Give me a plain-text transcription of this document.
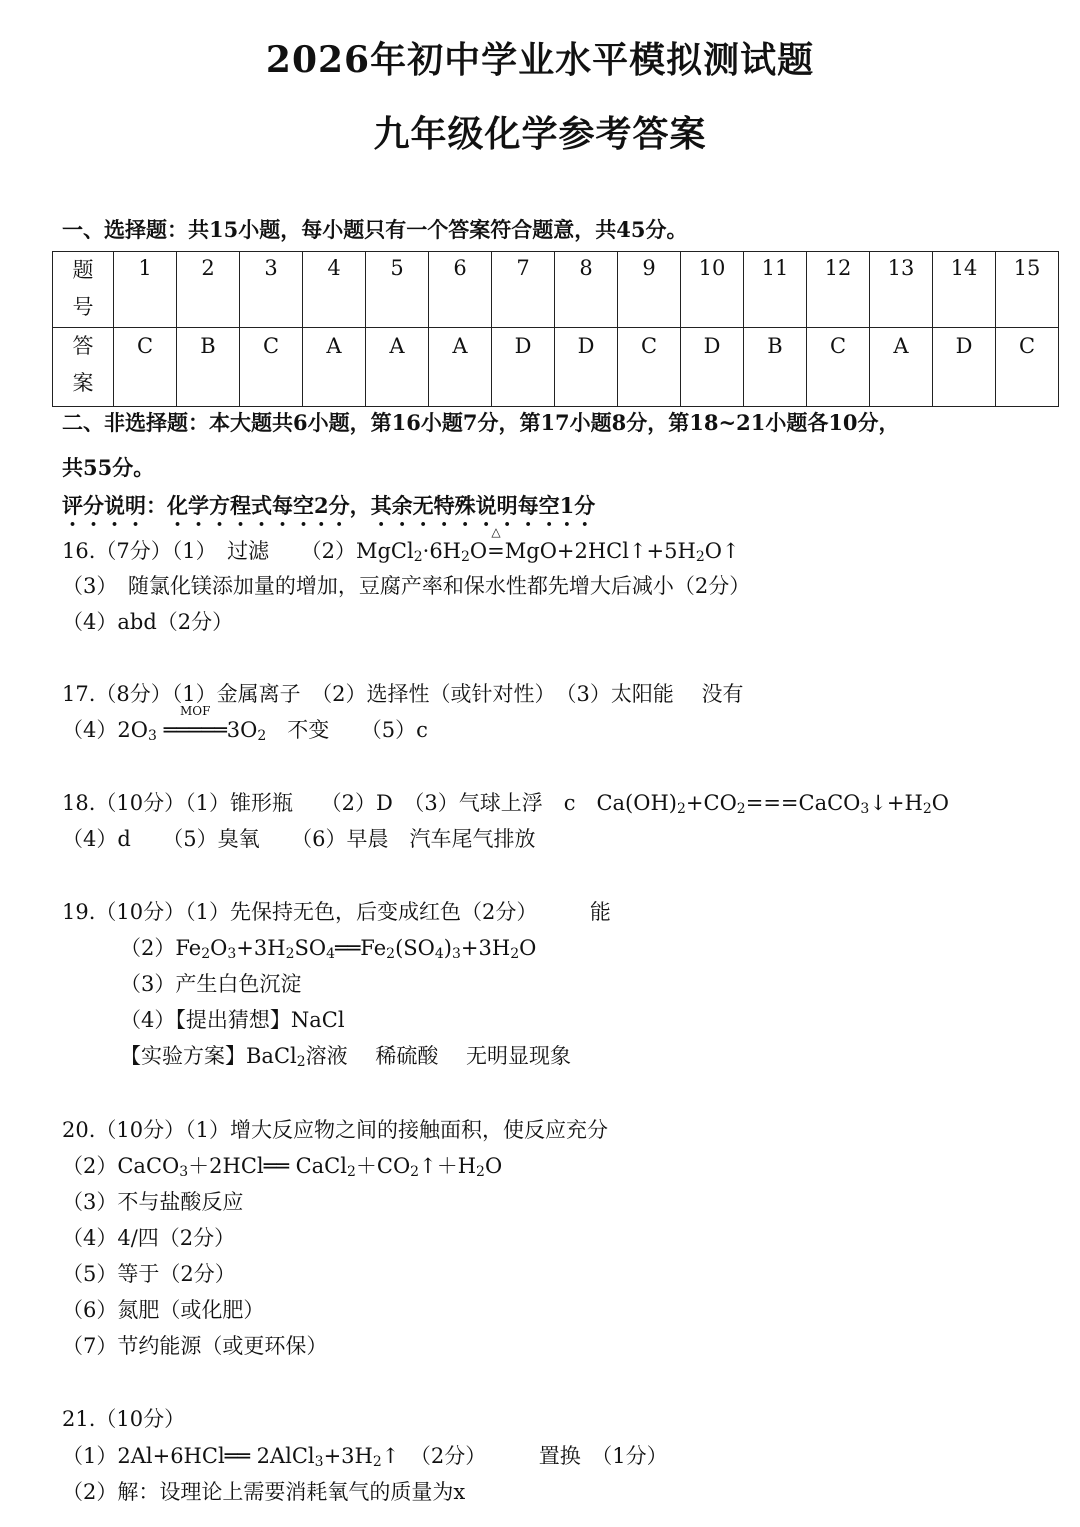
2026年初中学业水平模拟测试题
九年级化学参考答案
一、选择题：共15小题，每小题只有一个答案符合题意，共45分。
题
号	1	2	3	4	5	6	7	8	9	10	11	12	13	14	15
答
案	C	B	C	A	A	A	D	D	C	D	B	C	A	D	C
二、非选择题：本大题共6小题，第16小题7分，第17小题8分，第18~21小题各10分，
共55分。
评分说明：化学方程式每空2分，其余无特殊说明每空1分
16.（7分）（1）　过滤　　$(2)MgCl_2\cdot 6H_2O$
△
$=MgO+2HCl↑+5H_2O↑$
（3）　随氯化镁添加量的增加，豆腐产率和保水性都先增大后减小（2分）
（4）abd（2分）
17.（8分）（1）金属离子　（2）选择性（或针对性）　（3）太阳能　 没有
$(4)2O_3$
MOF
$═════3O_2$　不变　　（5）c
18.（10分）（1）锥形瓶　 （2）D　（3）气球上浮　c　$Ca(OH)_2+CO_2===CaCO_3↓+H_2O$
（4）d　　（5）臭氧　　（6）早晨　汽车尾气排放
19.（10分）（1）先保持无色，后变成红色（2分）　　　能
$(2)Fe_2O_3+3H_2SO_4══Fe_2(SO_4)_3+3H_2O$
（3）产生白色沉淀
（4）【提出猜想】NaCl
【实验方案】BaCl$_2$溶液　 稀硫酸　 无明显现象
20.（10分）（1）增大反应物之间的接触面积，使反应充分
（2）CaCO$_3$＋2HCl══ $CaCl_2+CO_2↑+H_2O$
（3）不与盐酸反应
（4）4/四（2分）
（5）等于（2分）
（6）氮肥（或化肥）
（7）节约能源（或更环保）
21.（10分）
（1）2Al+6HCl══ $2AlCl_3+3H_2↑$　（2分）　　　置换　（1分）
（2）解：设理论上需要消耗氧气的质量为x
